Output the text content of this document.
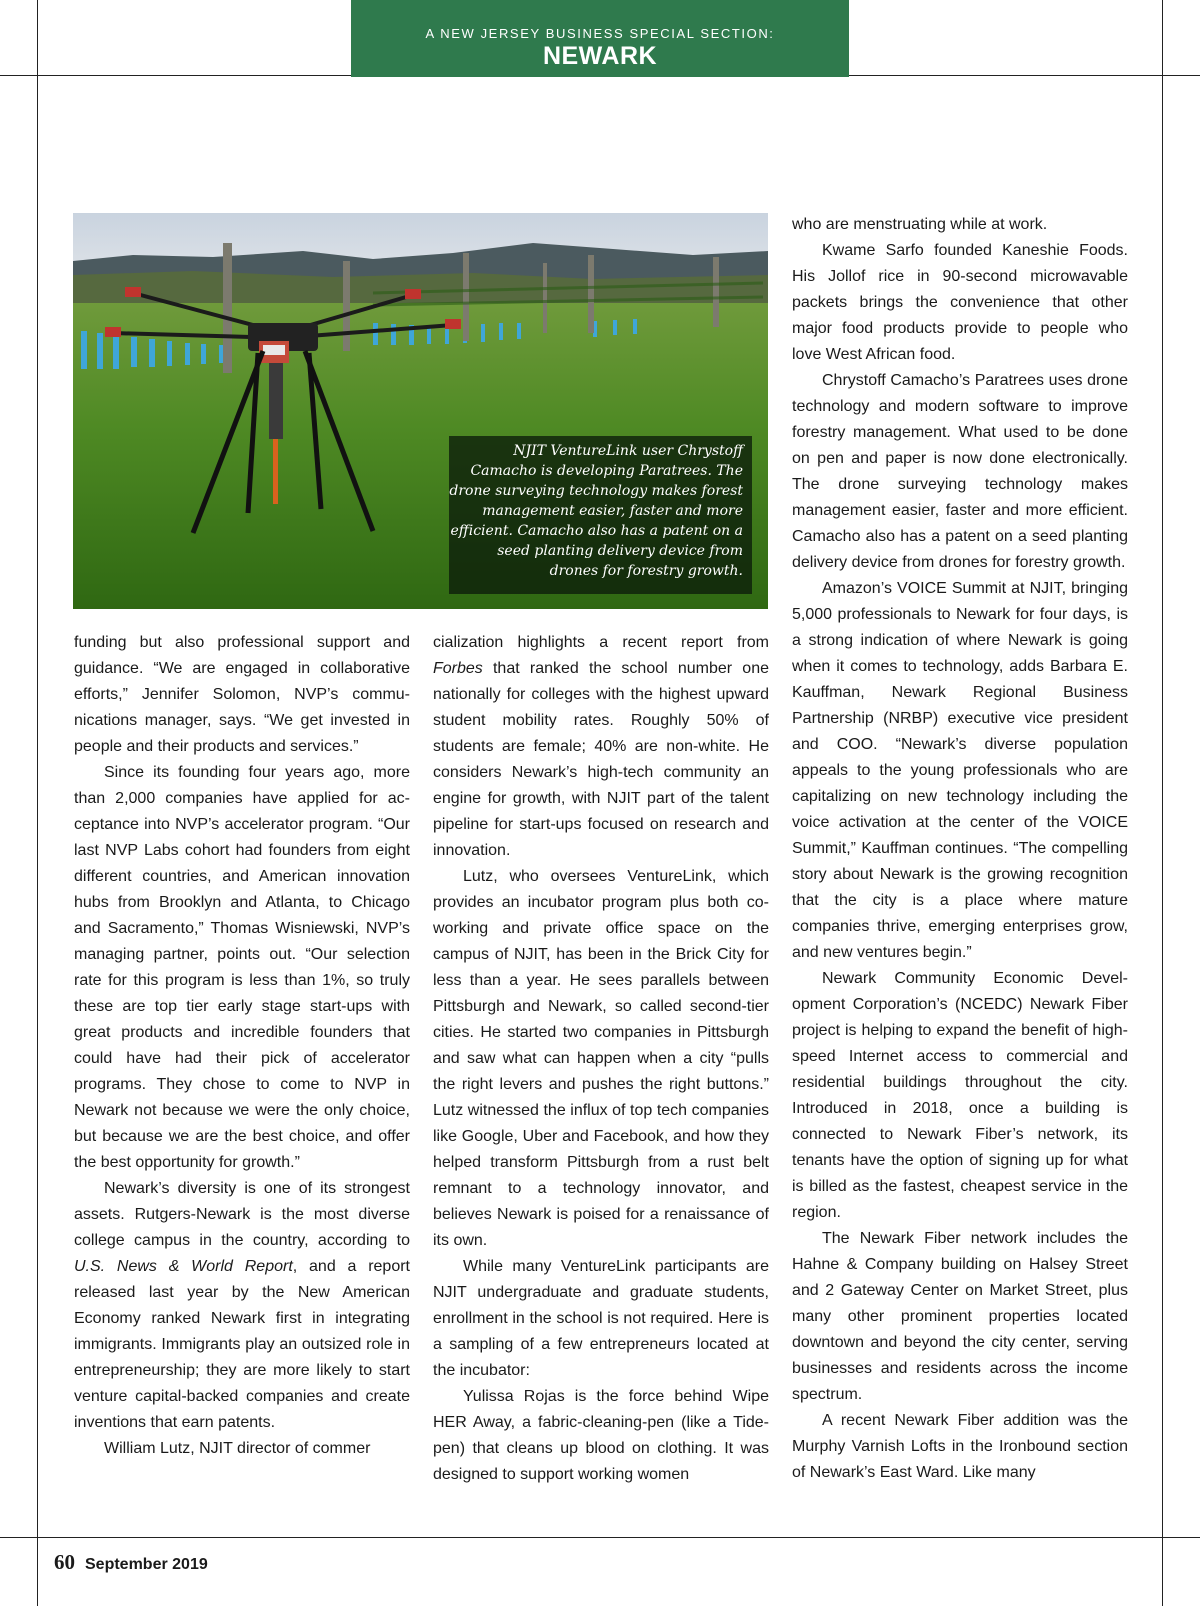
A NEW JERSEY BUSINESS SPECIAL SECTION:
NEWARK
NJIT VentureLink user Chrystoff Camacho is developing Paratrees. The drone surveying technology makes forest management easier, faster and more efficient. Camacho also has a patent on a seed planting delivery device from drones for forestry growth.

funding but also professional support and guidance. “We are engaged in collaborative efforts,” Jennifer Solomon, NVP’s communications manager, says. “We get invested in people and their products and services.”

Since its founding four years ago, more than 2,000 companies have applied for acceptance into NVP’s accelerator program. “Our last NVP Labs cohort had founders from eight different countries, and American innovation hubs from Brooklyn and Atlanta, to Chicago and Sacramento,” Thomas Wisniewski, NVP’s managing partner, points out. “Our selection rate for this program is less than 1%, so truly these are top tier early stage start-ups with great products and incredible founders that could have had their pick of accelerator programs. They chose to come to NVP in Newark not because we were the only choice, but because we are the best choice, and offer the best opportunity for growth.”

Newark’s diversity is one of its strongest assets. Rutgers-Newark is the most diverse college campus in the country, according to U.S. News & World Report, and a report released last year by the New American Economy ranked Newark first in integrating immigrants. Immigrants play an outsized role in entrepreneurship; they are more likely to start venture capital-backed companies and create inventions that earn patents.

William Lutz, NJIT director of commer

cialization highlights a recent report from Forbes that ranked the school number one nationally for colleges with the highest upward student mobility rates. Roughly 50% of students are female; 40% are non-white. He considers Newark’s high-tech community an engine for growth, with NJIT part of the talent pipeline for start-ups focused on research and innovation.

Lutz, who oversees VentureLink, which provides an incubator program plus both co-working and private office space on the campus of NJIT, has been in the Brick City for less than a year. He sees parallels between Pittsburgh and Newark, so called second-tier cities. He started two companies in Pittsburgh and saw what can happen when a city “pulls the right levers and pushes the right buttons.” Lutz witnessed the influx of top tech companies like Google, Uber and Facebook, and how they helped transform Pittsburgh from a rust belt remnant to a technology innovator, and believes Newark is poised for a renaissance of its own.

While many VentureLink participants are NJIT undergraduate and graduate students, enrollment in the school is not required. Here is a sampling of a few entrepreneurs located at the incubator:

Yulissa Rojas is the force behind Wipe HER Away, a fabric-cleaning-pen (like a Tide-pen) that cleans up blood on clothing. It was designed to support working women

who are menstruating while at work.

Kwame Sarfo founded Kaneshie Foods. His Jollof rice in 90-second microwavable packets brings the convenience that other major food products provide to people who love West African food.

Chrystoff Camacho’s Paratrees uses drone technology and modern software to improve forestry management. What used to be done on pen and paper is now done electronically. The drone surveying technology makes management easier, faster and more efficient. Camacho also has a patent on a seed planting delivery device from drones for forestry growth.

Amazon’s VOICE Summit at NJIT, bringing 5,000 professionals to Newark for four days, is a strong indication of where Newark is going when it comes to technology, adds Barbara E. Kauffman, Newark Regional Business Partnership (NRBP) executive vice president and COO. “Newark’s diverse population appeals to the young professionals who are capitalizing on new technology including the voice activation at the center of the VOICE Summit,” Kauffman continues. “The compelling story about Newark is the growing recognition that the city is a place where mature companies thrive, emerging enterprises grow, and new ventures begin.”

Newark Community Economic Development Corporation’s (NCEDC) Newark Fiber project is helping to expand the benefit of high-speed Internet access to commercial and residential buildings throughout the city. Introduced in 2018, once a building is connected to Newark Fiber’s network, its tenants have the option of signing up for what is billed as the fastest, cheapest service in the region.

The Newark Fiber network includes the Hahne & Company building on Halsey Street and 2 Gateway Center on Market Street, plus many other prominent properties located downtown and beyond the city center, serving businesses and residents across the income spectrum.

A recent Newark Fiber addition was the Murphy Varnish Lofts in the Ironbound section of Newark’s East Ward. Like many

60 September 2019
